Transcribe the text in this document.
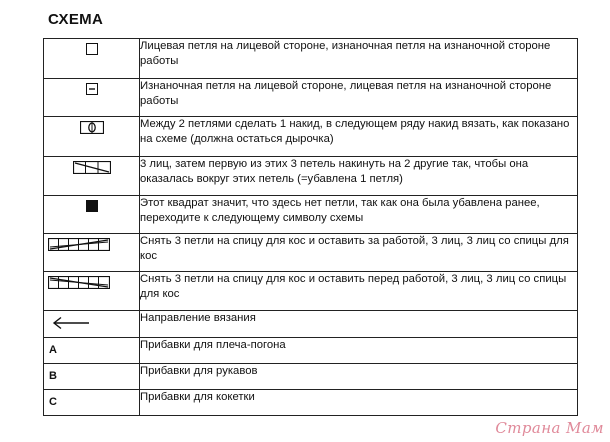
СХЕМА
	Лицевая петля на лицевой стороне, изнаночная петля на изнаночной стороне работы

	Изнаночная петля на лицевой стороне, лицевая петля на изнаночной стороне работы

	Между 2 петлями сделать 1 накид, в следующем ряду накид вязать, как показано на схеме (должна остаться дырочка)

	3 лиц, затем первую из этих 3 петель накинуть на 2 другие так, чтобы она оказалась вокруг этих петель (=убавлена 1 петля)

	Этот квадрат значит, что здесь нет петли, так как она была убавлена ранее, переходите к следующему символу схемы

	Снять 3 петли на спицу для кос и оставить за работой, 3 лиц, 3 лиц со спицы для кос

	Снять 3 петли на спицу для кос и оставить перед работой, 3 лиц, 3 лиц со спицы для кос

	Направление вязания

A	Прибавки для плеча-погона

B	Прибавки для рукавов

C	Прибавки для кокетки
Страна Мам
